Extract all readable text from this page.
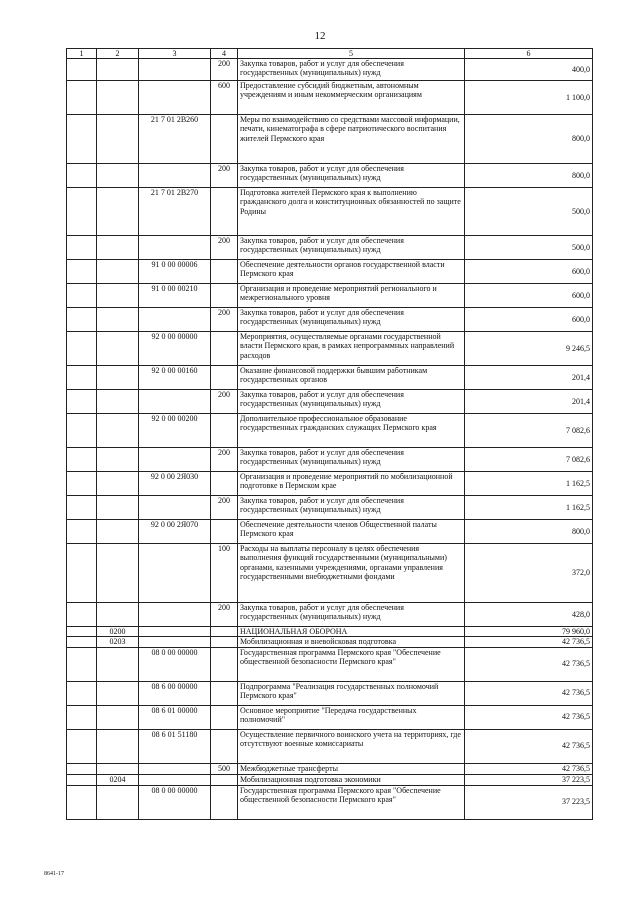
12
1	2	3	4	5	6
			200	Закупка товаров, работ и услуг для обеспечения государственных (муниципальных) нужд	400,0
			600	Предоставление субсидий бюджетным, автономным учреждениям и иным некоммерческим организациям	1 100,0
		21 7 01 2В260		Меры по взаимодействию со средствами массовой информации, печати, кинематографа в сфере патриотического воспитания жителей Пермского края	800,0
			200	Закупка товаров, работ и услуг для обеспечения государственных (муниципальных) нужд	800,0
		21 7 01 2В270		Подготовка жителей Пермского края к выполнению гражданского долга и конституционных обязанностей по защите Родины	500,0
			200	Закупка товаров, работ и услуг для обеспечения государственных (муниципальных) нужд	500,0
		91 0 00 00006		Обеспечение деятельности органов государственной власти Пермского края	600,0
		91 0 00 00210		Организация и проведение мероприятий регионального и межрегионального уровня	600,0
			200	Закупка товаров, работ и услуг для обеспечения государственных (муниципальных) нужд	600,0
		92 0 00 00000		Мероприятия, осуществляемые органами государственной власти Пермского края, в рамках непрограммных направлений расходов	9 246,5
		92 0 00 00160		Оказание финансовой поддержки бывшим работникам государственных органов	201,4
			200	Закупка товаров, работ и услуг для обеспечения государственных (муниципальных) нужд	201,4
		92 0 00 00200		Дополнительное профессиональное образование государственных гражданских служащих Пермского края	7 082,6
			200	Закупка товаров, работ и услуг для обеспечения государственных (муниципальных) нужд	7 082,6
		92 0 00 2Я030		Организация и проведение мероприятий по мобилизационной подготовке в Пермском крае	1 162,5
			200	Закупка товаров, работ и услуг для обеспечения государственных (муниципальных) нужд	1 162,5
		92 0 00 2Я070		Обеспечение деятельности членов Общественной палаты Пермского края	800,0
			100	Расходы на выплаты персоналу в целях обеспечения выполнения функций государственными (муниципальными) органами, казенными учреждениями, органами управления государственными внебюджетными фондами	372,0
			200	Закупка товаров, работ и услуг для обеспечения государственных (муниципальных) нужд	428,0
	0200			НАЦИОНАЛЬНАЯ ОБОРОНА	79 960,0
	0203			Мобилизационная и вневойсковая подготовка	42 736,5
		08 0 00 00000		Государственная программа Пермского края "Обеспечение общественной безопасности Пермского края"	42 736,5
		08 6 00 00000		Подпрограмма "Реализация государственных полномочий Пермского края"	42 736,5
		08 6 01 00000		Основное мероприятие "Передача государственных полномочий"	42 736,5
		08 6 01 51180		Осуществление первичного воинского учета на территориях, где отсутствуют военные комиссариаты	42 736,5
			500	Межбюджетные трансферты	42 736,5
	0204			Мобилизационная подготовка экономики	37 223,5
		08 0 00 00000		Государственная программа Пермского края "Обеспечение общественной безопасности Пермского края"	37 223,5
8641-17
